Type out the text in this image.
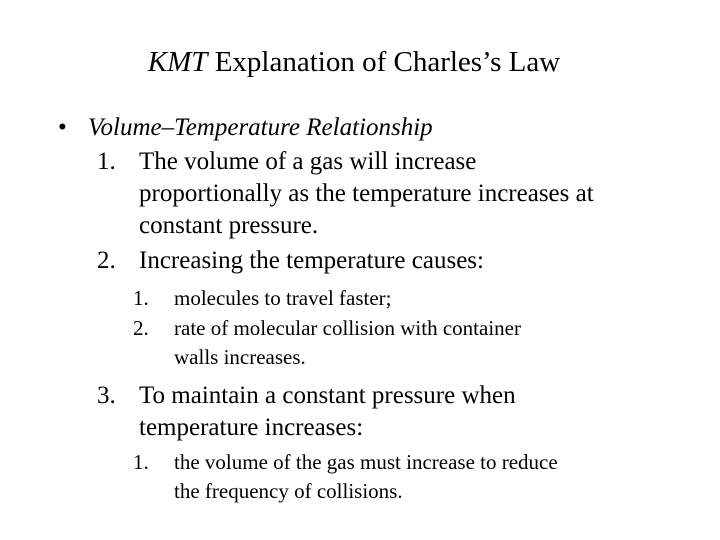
KMT Explanation of Charles’s Law
• Volume–Temperature Relationship
1. The volume of a gas will increase
proportionally as the temperature increases at
constant pressure.
2. Increasing the temperature causes:
1. molecules to travel faster;
2. rate of molecular collision with container
walls increases.
3. To maintain a constant pressure when
temperature increases:
1. the volume of the gas must increase to reduce
the frequency of collisions.
